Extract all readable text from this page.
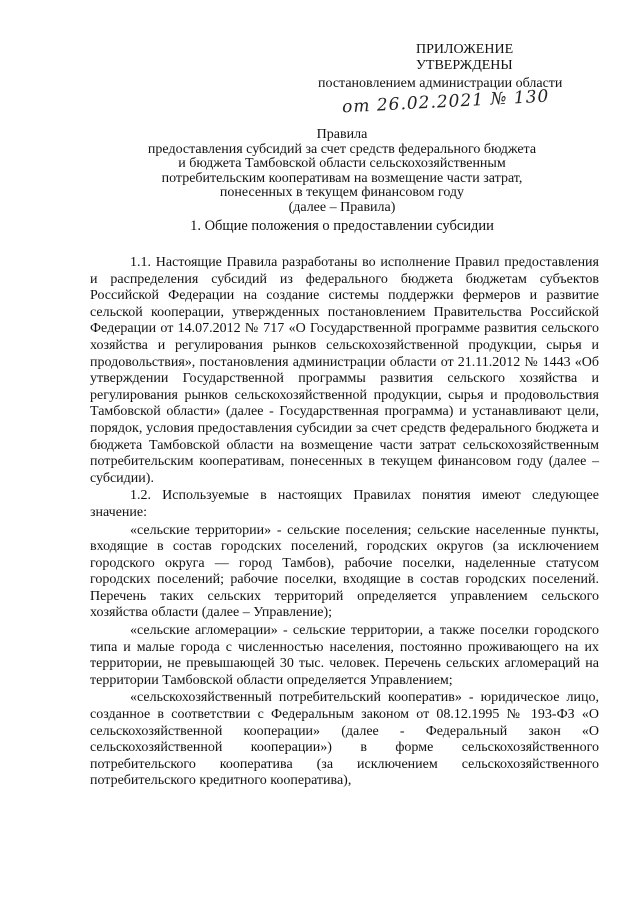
ПРИЛОЖЕНИЕ
УТВЕРЖДЕНЫ
постановлением администрации области
от 26.02.2021 № 130
Правила
предоставления субсидий за счет средств федерального бюджета
и бюджета Тамбовской области сельскохозяйственным
потребительским кооперативам на возмещение части затрат,
понесенных в текущем финансовом году
(далее – Правила)
1. Общие положения о предоставлении субсидии

1.1. Настоящие Правила разработаны во исполнение Правил предоставления и распределения субсидий из федерального бюджета бюджетам субъектов Российской Федерации на создание системы поддержки фермеров и развитие сельской кооперации, утвержденных постановлением Правительства Российской Федерации от 14.07.2012 № 717 «О Государственной программе развития сельского хозяйства и регулирования рынков сельскохозяйственной продукции, сырья и продовольствия», постановления администрации области от 21.11.2012 № 1443 «Об утверждении Государственной программы развития сельского хозяйства и регулирования рынков сельскохозяйственной продукции, сырья и продовольствия Тамбовской области» (далее - Государственная программа) и устанавливают цели, порядок, условия предоставления субсидии за счет средств федерального бюджета и бюджета Тамбовской области на возмещение части затрат сельскохозяйственным потребительским кооперативам, понесенных в текущем финансовом году (далее – субсидии).

1.2. Используемые в настоящих Правилах понятия имеют следующее значение:

«сельские территории» - сельские поселения; сельские населенные пункты, входящие в состав городских поселений, городских округов (за исключением городского округа — город Тамбов), рабочие поселки, наделенные статусом городских поселений; рабочие поселки, входящие в состав городских поселений. Перечень таких сельских территорий определяется управлением сельского хозяйства области (далее – Управление);

«сельские агломерации» - сельские территории, а также поселки городского типа и малые города с численностью населения, постоянно проживающего на их территории, не превышающей 30 тыс. человек. Перечень сельских агломераций на территории Тамбовской области определяется Управлением;

«сельскохозяйственный потребительский кооператив» - юридическое лицо, созданное в соответствии с Федеральным законом от 08.12.1995 № 193-ФЗ «О сельскохозяйственной кооперации» (далее - Федеральный закон «О сельскохозяйственной кооперации») в форме сельскохозяйственного потребительского кооператива (за исключением сельскохозяйственного потребительского кредитного кооператива),
